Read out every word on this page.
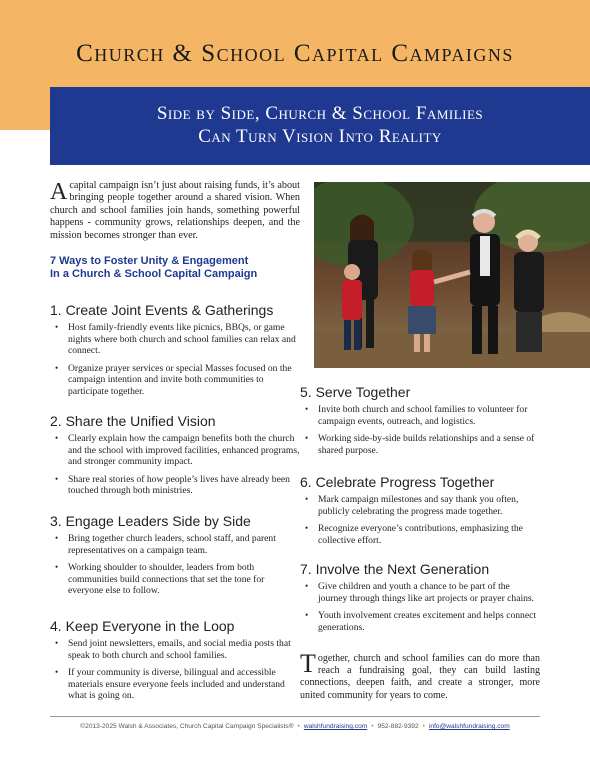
Church & School Capital Campaigns
Side by Side, Church & School Families
Can Turn Vision Into Reality
Acapital campaign isn’t just about raising funds, it’s about bringing people together around a shared vision. When church and school families join hands, something powerful happens - community grows, relationships deepen, and the mission becomes stronger than ever.
7 Ways to Foster Unity & Engagement
In a Church & School Capital Campaign
1. Create Joint Events & Gatherings
• Host family-friendly events like picnics, BBQs, or game nights where both church and school families can relax and connect.
• Organize prayer services or special Masses focused on the campaign intention and invite both communities to participate together.
2. Share the Unified Vision
• Clearly explain how the campaign benefits both the church and the school with improved facilities, enhanced programs, and stronger community impact.
• Share real stories of how people’s lives have already been touched through both ministries.
3. Engage Leaders Side by Side
• Bring together church leaders, school staff, and parent representatives on a campaign team.
• Working shoulder to shoulder, leaders from both communities build connections that set the tone for everyone else to follow.
4. Keep Everyone in the Loop
• Send joint newsletters, emails, and social media posts that speak to both church and school families.
• If your community is diverse, bilingual and accessible materials ensure everyone feels included and understand what is going on.
5. Serve Together
• Invite both church and school families to volunteer for campaign events, outreach, and logistics.
• Working side-by-side builds relationships and a sense of shared purpose.
6. Celebrate Progress Together
• Mark campaign milestones and say thank you often, publicly celebrating the progress made together.
• Recognize everyone’s contributions, emphasizing the collective effort.
7. Involve the Next Generation
• Give children and youth a chance to be part of the journey through things like art projects or prayer chains.
• Youth involvement creates excitement and helps connect generations.
Together, church and school families can do more than reach a fundraising goal, they can build lasting connections, deepen faith, and create a stronger, more united community for years to come.
©2013-2025 Walsh & Associates, Church Capital Campaign Specialists® • walshfundraising.com • 952-882-9392 • info@walshfundraising.com
